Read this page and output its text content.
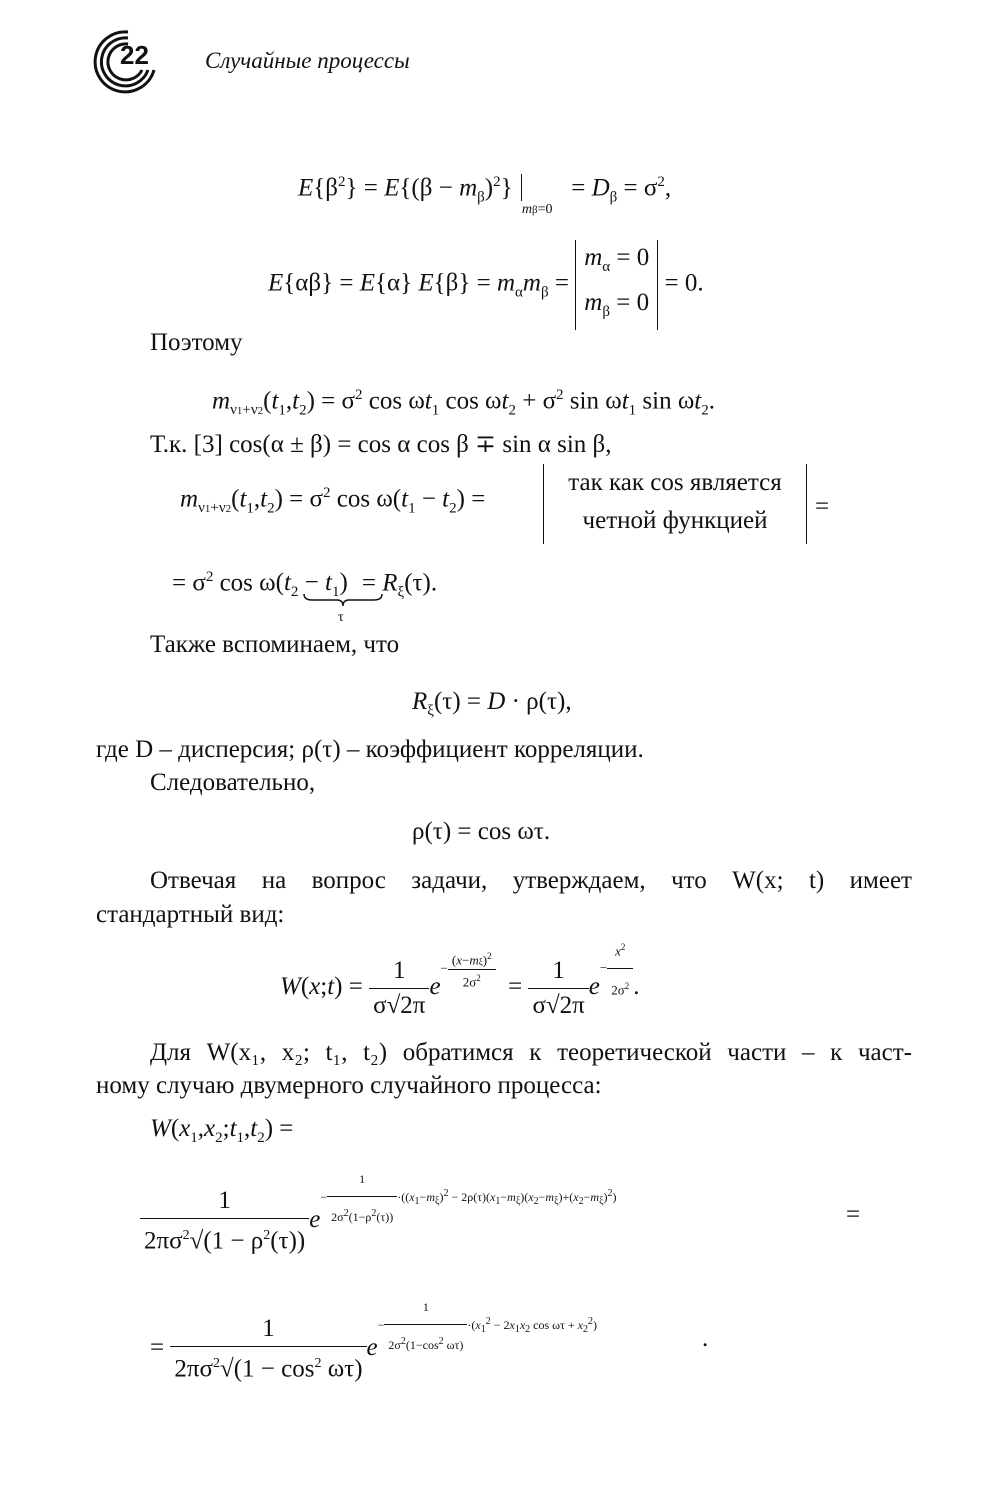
22 Случайные процессы
$E\{\beta^2\} = E\{(\beta - m_\beta)^2\} _{m\beta=0} = D_\beta = \sigma^2$,
E{αβ} = E{α} $E\{\beta\} = m_\alpha m_\beta = m_\alpha = 0$
$m_\beta = 0 = 0$.
Поэтому
$m_{\nu 1+\nu 2}(t_1,t_2) = \sigma^2$ $\cos \omega t_1$ $\cos \omega t_2 + \sigma^2$ $\sin \omega t_1$ $\sin \omega t_2$.
Т.к. [3] cos(α ± β) = cos α cos β ∓ sin α sin β,
$m_{\nu 1+\nu 2}(t_1,t_2) = \sigma^2$ $\cos \omega(t_1 - t_2)$ =
так как cos является
четной функцией
=
= $\sigma^2$ $\cos \omega(t_2 - t_1) = R_\xi(\tau)$.
τ
Также вспоминаем, что
$R_\xi(\tau) = D \cdot \rho(\tau)$,
где D – дисперсия; ρ(τ) – коэффициент корреляции.
Следовательно,
ρ(τ) = cos ωτ.
Отвечая на вопрос задачи, утверждаем, что W(x; t) имеет
стандартный вид:
W(x;t) = $\frac{1}{\sigma√2\pi} e- \frac{(x-m\xi)^2}{2\sigma^2} = \frac{1}{\sigma√2\pi} e- \frac{x^2}{2\sigma^2}$ .
Для W(x₁, x₂; t₁, t₂) обратимся к теоретической части – к част-
ному случаю двумерного случайного процесса:
$W(x_1,x_2;t_1,t_2)$ =
$\frac{1}{2\pi\sigma^2√(1 - \rho^2(\tau))} e- \frac{1}{2\sigma^2(1-\rho^2(\tau))} \cdot((x_1-m_\xi)^2 - 2\rho(\tau)(x_1-m_\xi)(x_2-m_\xi)+(x_2-m_\xi)^2)$
=
= $\frac{1}{2\pi\sigma^2√(1 - \cos^2 \omega\tau)} e- \frac{1}{2\sigma^2(1-\cos^2 \omega\tau)} \cdot(x_1^2 - 2x_1x_2$ $\cos \omega\tau + x_2^2$)
.
